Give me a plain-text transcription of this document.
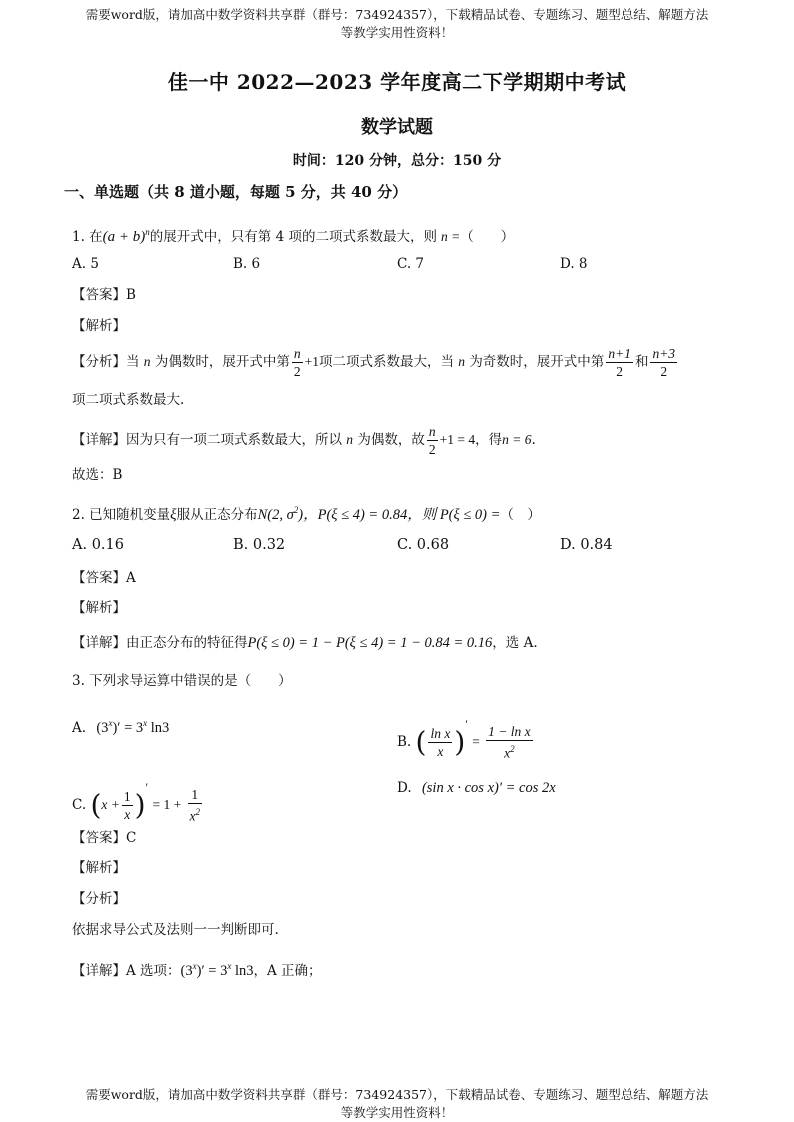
需要word版，请加高中数学资料共享群（群号：734924357），下载精品试卷、专题练习、题型总结、解题方法
等教学实用性资料！
佳一中 2022—2023 学年度高二下学期期中考试
数学试题
时间：120 分钟，总分：150 分
一、单选题（共 8 道小题，每题 5 分，共 40 分）
1. 在$(a + b)^n$的展开式中，只有第 4 项的二项式系数最大，则 n =（　　）
A. 5	B. 6	C. 7	D. 8
【答案】B
【解析】
【分析】当 n 为偶数时，展开式中第 $\frac{n}{2} +1$项二项式系数最大，当 n 为奇数时，展开式中第 $\frac{n+1}{2}$ 和 $\frac{n+3}{2}$
项二项式系数最大.
【详解】因为只有一项二项式系数最大，所以 n 为偶数，故 $\frac{n}{2} +1 = 4$，得n = 6.
故选：B
2. 已知随机变量ξ服从正态分布N(2, $\sigma^2$)，P(ξ ≤ 4) = 0.84，则 P(ξ ≤ 0) =（　）
A. 0.16	B. 0.32	C. 0.68	D. 0.84
【答案】A
【解析】
【详解】由正态分布的特征得P(ξ ≤ 0) = 1 − P(ξ ≤ 4) = 1 − 0.84 = 0.16，选 A.
3. 下列求导运算中错误的是（　　）
A. $(3^x)' = 3^x$ ln3
B. ( $\frac{\text{ln x}}{x} )' = \frac{\text{1 − ln x}}{x^2}$
C. $(x + \frac{1}{x} )' = 1 + \frac{1}{x^2}$	D. (sin x · cos x)′ = cos 2x
【答案】C
【解析】
【分析】
依据求导公式及法则一一判断即可.
【详解】A 选项：$(3^x)' = 3^x$ ln3，A 正确；
需要word版，请加高中数学资料共享群（群号：734924357），下载精品试卷、专题练习、题型总结、解题方法
等教学实用性资料！
